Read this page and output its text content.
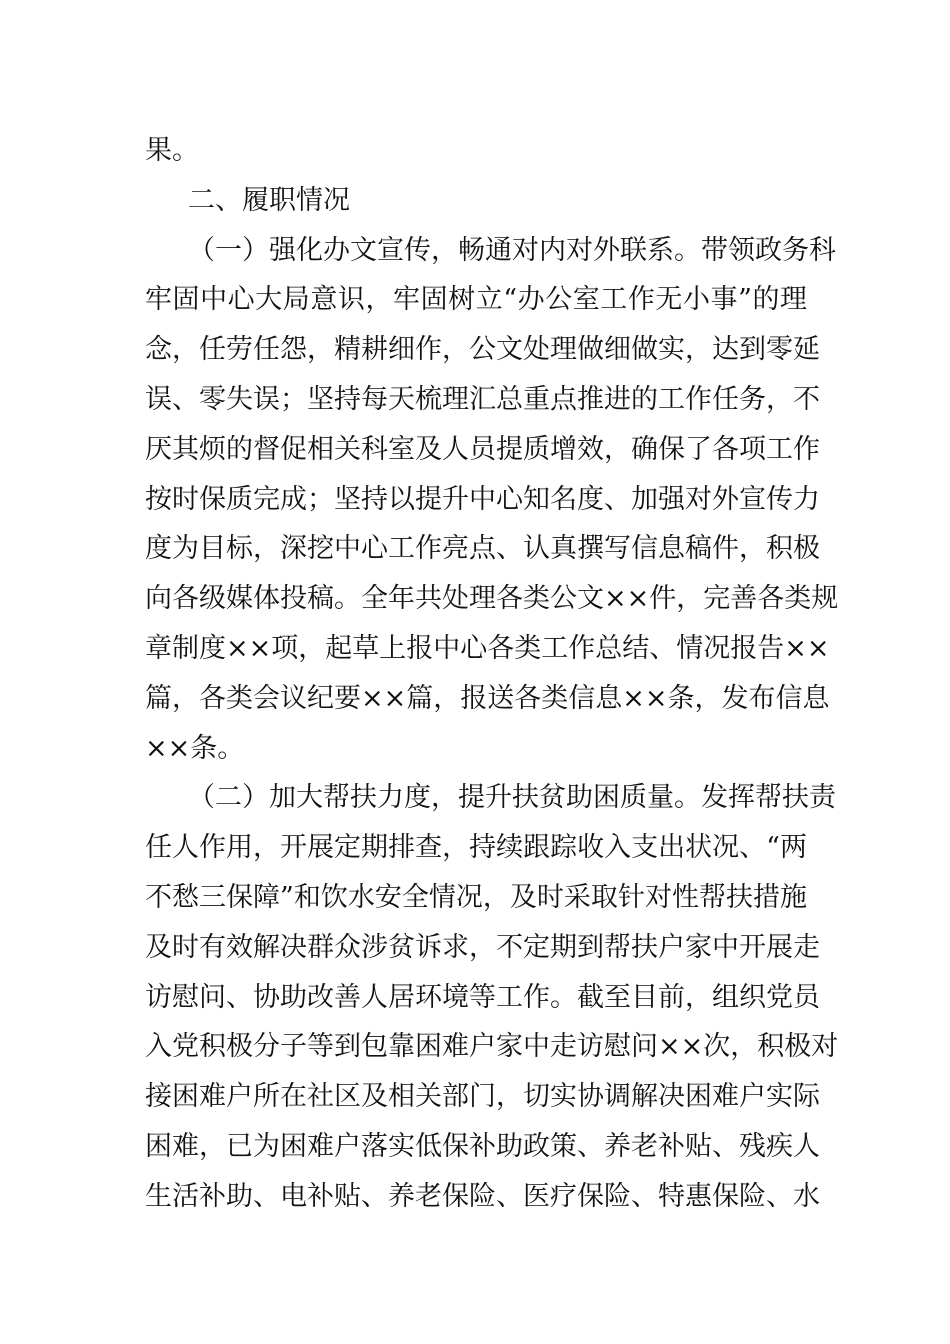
果。
二、履职情况
（一）强化办文宣传，畅通对内对外联系。带领政务科
牢固中心大局意识，牢固树立“办公室工作无小事”的理
念，任劳任怨，精耕细作，公文处理做细做实，达到零延
误、零失误；坚持每天梳理汇总重点推进的工作任务，不
厌其烦的督促相关科室及人员提质增效，确保了各项工作
按时保质完成；坚持以提升中心知名度、加强对外宣传力
度为目标，深挖中心工作亮点、认真撰写信息稿件，积极
向各级媒体投稿。全年共处理各类公文××件，完善各类规
章制度××项，起草上报中心各类工作总结、情况报告××
篇，各类会议纪要××篇，报送各类信息××条，发布信息
××条。
（二）加大帮扶力度，提升扶贫助困质量。发挥帮扶责
任人作用，开展定期排查，持续跟踪收入支出状况、“两
不愁三保障”和饮水安全情况，及时采取针对性帮扶措施
及时有效解决群众涉贫诉求，不定期到帮扶户家中开展走
访慰问、协助改善人居环境等工作。截至目前，组织党员
入党积极分子等到包靠困难户家中走访慰问××次，积极对
接困难户所在社区及相关部门，切实协调解决困难户实际
困难，已为困难户落实低保补助政策、养老补贴、残疾人
生活补助、电补贴、养老保险、医疗保险、特惠保险、水
